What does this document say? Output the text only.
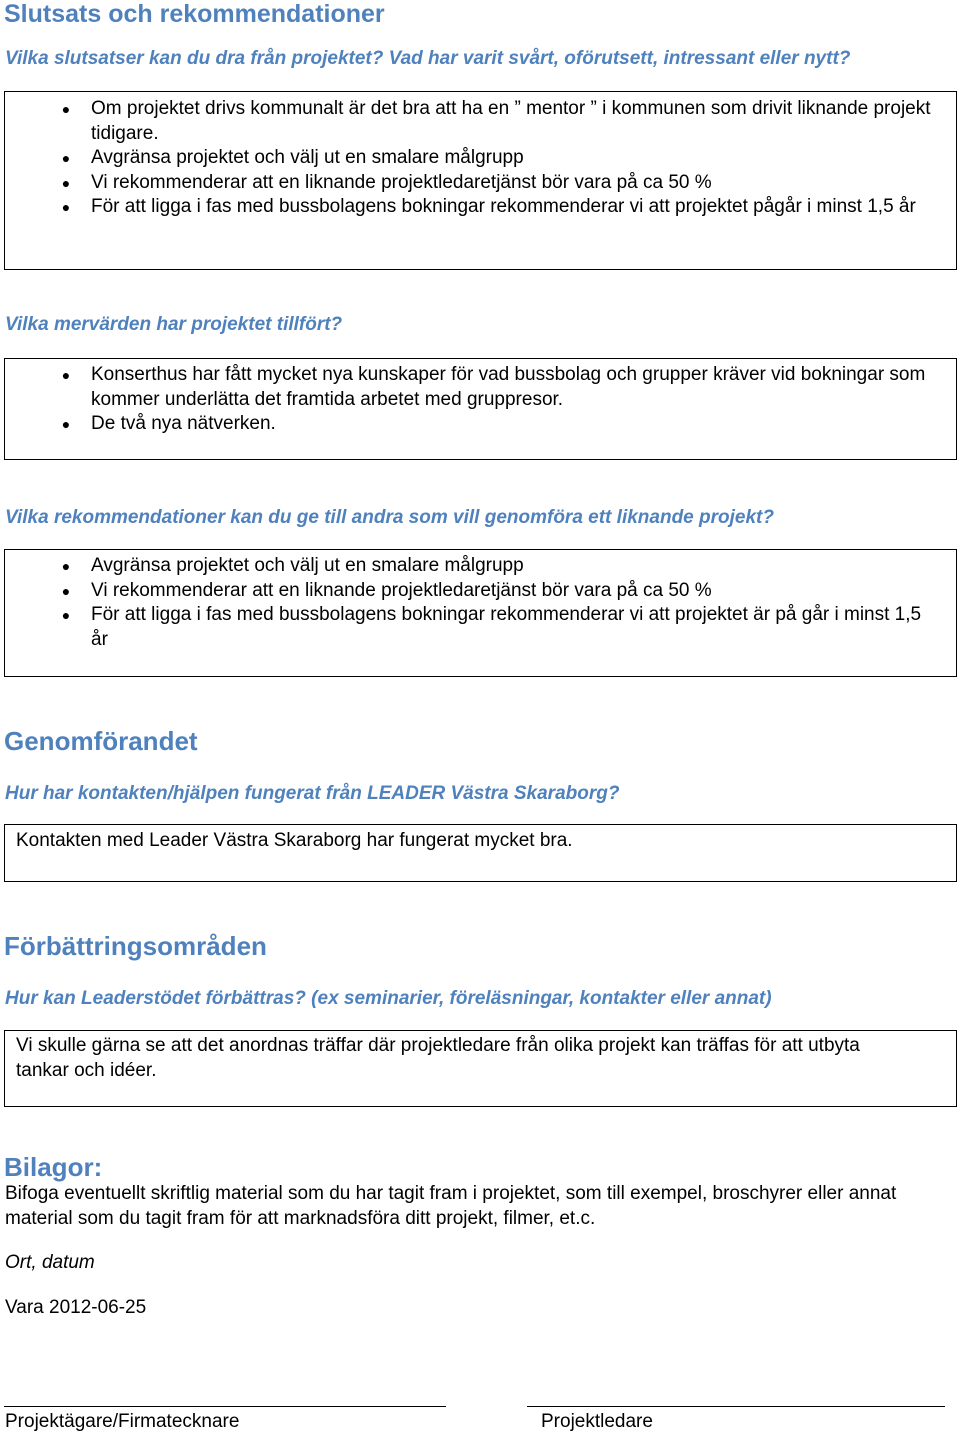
Slutsats och rekommendationer
Vilka slutsatser kan du dra från projektet? Vad har varit svårt, oförutsett, intressant eller nytt?
● Om projektet drivs kommunalt är det bra att ha en ” mentor ” i kommunen som drivit liknande projekt tidigare.
● Avgränsa projektet och välj ut en smalare målgrupp
● Vi rekommenderar att en liknande projektledaretjänst bör vara på ca 50 %
● För att ligga i fas med bussbolagens bokningar rekommenderar vi att projektet pågår i minst 1,5 år
Vilka mervärden har projektet tillfört?
● Konserthus har fått mycket nya kunskaper för vad bussbolag och grupper kräver vid bokningar som kommer underlätta det framtida arbetet med gruppresor.
● De två nya nätverken.
Vilka rekommendationer kan du ge till andra som vill genomföra ett liknande projekt?
● Avgränsa projektet och välj ut en smalare målgrupp
● Vi rekommenderar att en liknande projektledaretjänst bör vara på ca 50 %
● För att ligga i fas med bussbolagens bokningar rekommenderar vi att projektet är på går i minst 1,5 år
Genomförandet
Hur har kontakten/hjälpen fungerat från LEADER Västra Skaraborg?
Kontakten med Leader Västra Skaraborg har fungerat mycket bra.
Förbättringsområden
Hur kan Leaderstödet förbättras? (ex seminarier, föreläsningar, kontakter eller annat)
Vi skulle gärna se att det anordnas träffar där projektledare från olika projekt kan träffas för att utbyta tankar och idéer.
Bilagor:
Bifoga eventuellt skriftlig material som du har tagit fram i projektet, som till exempel, broschyrer eller annat material som du tagit fram för att marknadsföra ditt projekt, filmer, et.c.
Ort, datum
Vara 2012-06-25
Projektägare/Firmatecknare	Projektledare
